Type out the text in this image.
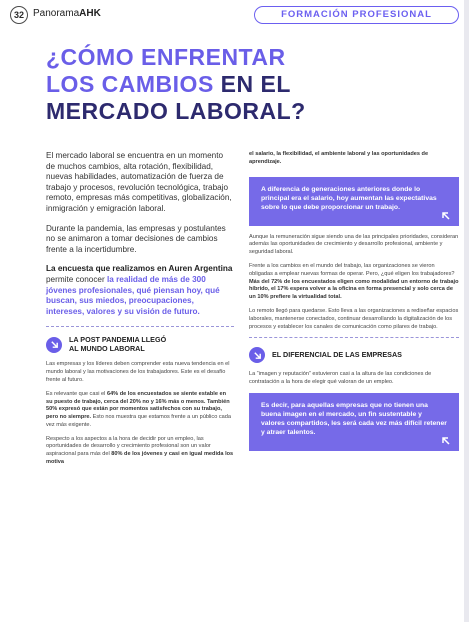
32 PanoramaAHK	FORMACIÓN PROFESIONAL
¿CÓMO ENFRENTAR
LOS CAMBIOS EN EL
MERCADO LABORAL?

El mercado laboral se encuentra en un momento de muchos cambios, alta rotación, flexibilidad, nuevas habilidades, automatización de fuerza de trabajo y procesos, revolución tecnológica, trabajo remoto, empresas más competitivas, globalización, inmigración y emigración laboral.

Durante la pandemia, las empresas y postulantes no se animaron a tomar decisiones de cambios frente a la incertidumbre.

La encuesta que realizamos en Auren Argentina permite conocer la realidad de más de 300 jóvenes profesionales, qué piensan hoy, qué buscan, sus miedos, preocupaciones, intereses, valores y su visión de futuro.

LA POST PANDEMIA LLEGÓ
AL MUNDO LABORAL

Las empresas y los líderes deben comprender esta nueva tendencia en el mundo laboral y las motivaciones de los trabajadores. Este es el desafío frente al futuro.

Es relevante que casi el 64% de los encuestados se siente estable en su puesto de trabajo, cerca del 20% no y 16% más o menos. También 50% expresó que están por momentos satisfechos con su trabajo, pero no siempre. Esto nos muestra que estamos frente a un público cada vez más exigente.

Respecto a los aspectos a la hora de decidir por un empleo, las oportunidades de desarrollo y crecimiento profesional son un valor aspiracional para más del 80% de los jóvenes y casi en igual medida los motiva

el salario, la flexibilidad, el ambiente laboral y las oportunidades de aprendizaje.

A diferencia de generaciones anteriores donde lo principal era el salario, hoy aumentan las expectativas sobre lo que debe proporcionar un trabajo.

Aunque la remuneración sigue siendo una de las principales prioridades, consideran además las oportunidades de crecimiento y desarrollo profesional, ambiente y seguridad laboral.

Frente a los cambios en el mundo del trabajo, las organizaciones se vieron obligadas a emplear nuevas formas de operar. Pero, ¿qué eligen los trabajadores? Más del 72% de los encuestados eligen como modalidad un entorno de trabajo híbrido, el 17% espera volver a la oficina en forma presencial y solo cerca de un 10% prefiere la virtualidad total.

Lo remoto llegó para quedarse. Esto lleva a las organizaciones a rediseñar espacios laborales, mantenerse conectados, continuar desarrollando la digitalización de los procesos y establecer los canales de comunicación como pilares de trabajo.

EL DIFERENCIAL DE LAS EMPRESAS

La “imagen y reputación” estuvieron casi a la altura de las condiciones de contratación a la hora de elegir qué valoran de un empleo.

Es decir, para aquellas empresas que no tienen una buena imagen en el mercado, un fin sustentable y valores compartidos, les será cada vez más difícil retener y atraer talentos.
